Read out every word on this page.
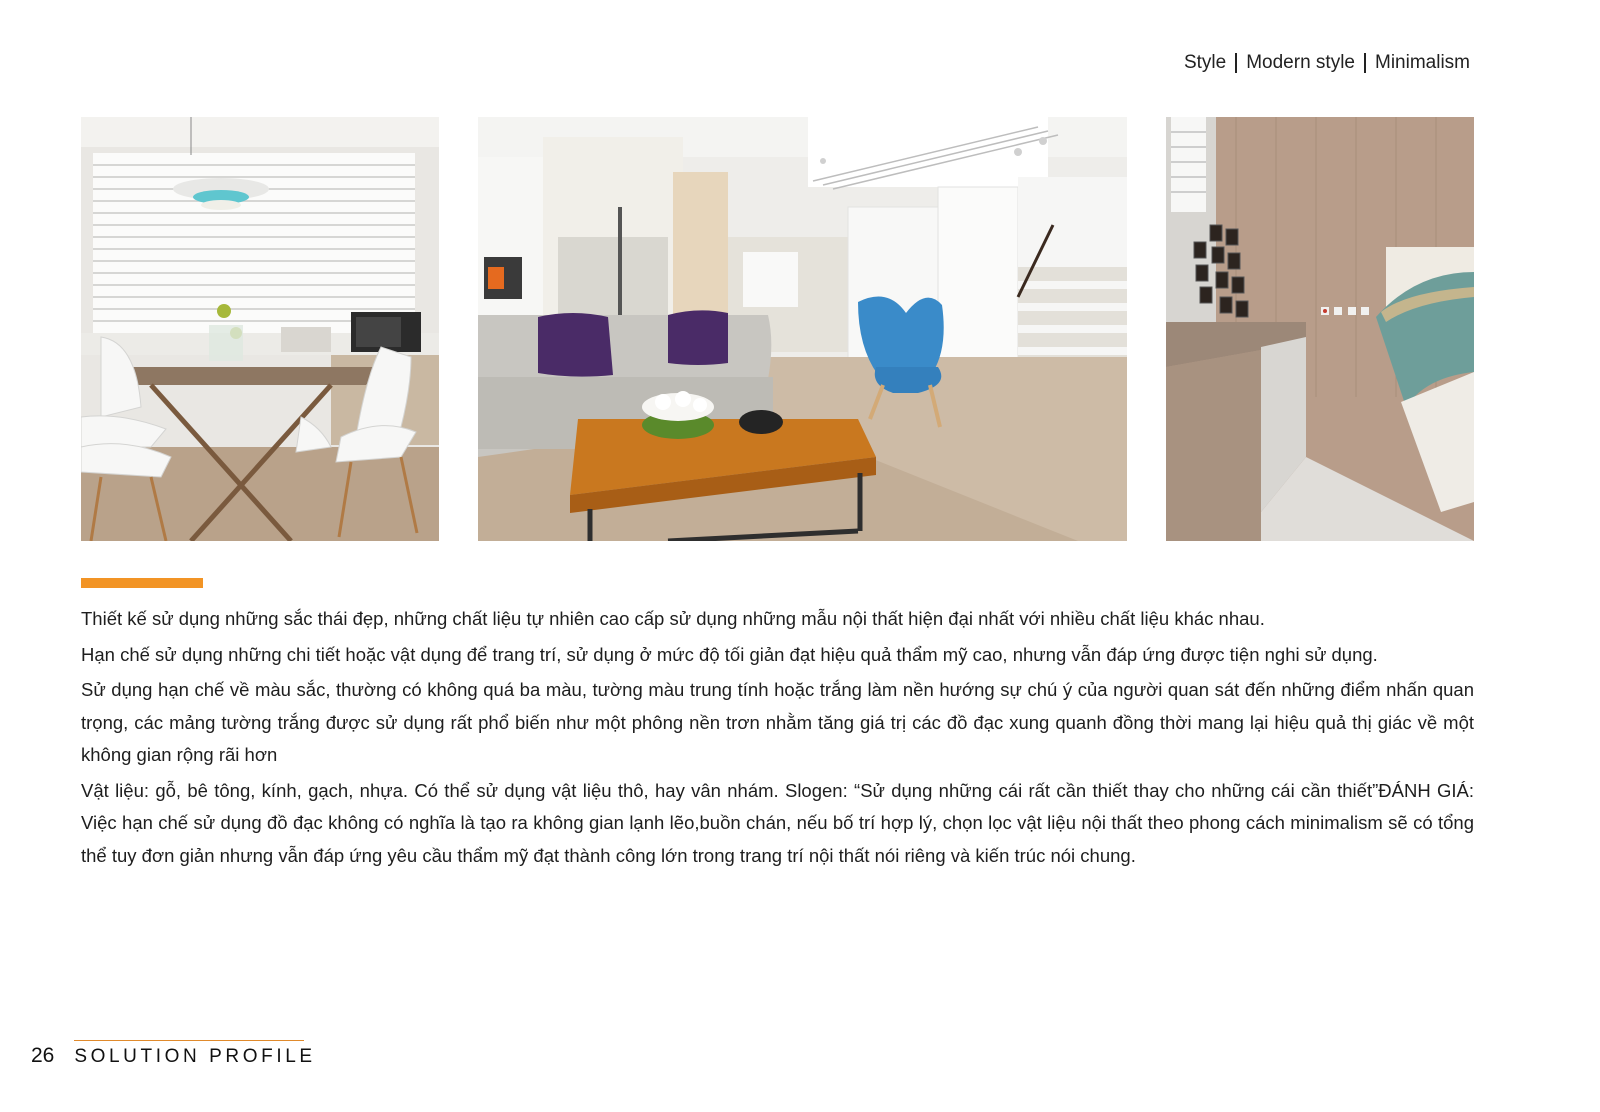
Style Modern style Minimalism

Thiết kế sử dụng những sắc thái đẹp, những chất liệu tự nhiên cao cấp sử dụng những mẫu nội thất hiện đại nhất với nhiều chất liệu khác nhau.

Hạn chế sử dụng những chi tiết hoặc vật dụng để trang trí, sử dụng ở mức độ tối giản đạt hiệu quả thẩm mỹ cao, nhưng vẫn đáp ứng được tiện nghi sử dụng.

Sử dụng hạn chế về màu sắc, thường có không quá ba màu, tường màu trung tính hoặc trắng làm nền hướng sự chú ý của người quan sát đến những điểm nhấn quan trọng, các mảng tường trắng được sử dụng rất phổ biến như một phông nền trơn nhằm tăng giá trị các đồ đạc xung quanh đồng thời mang lại hiệu quả thị giác về một không gian rộng rãi hơn

Vật liệu: gỗ, bê tông, kính, gạch, nhựa. Có thể sử dụng vật liệu thô, hay vân nhám. Slogen: “Sử dụng những cái rất cần thiết thay cho những cái cần thiết”ĐÁNH GIÁ: Việc hạn chế sử dụng đồ đạc không có nghĩa là tạo ra không gian lạnh lẽo,buồn chán, nếu bố trí hợp lý, chọn lọc vật liệu nội thất theo phong cách minimalism sẽ có tổng thể tuy đơn giản nhưng vẫn đáp ứng yêu cầu thẩm mỹ đạt thành công lớn trong trang trí nội thất nói riêng và kiến trúc nói chung.

26 SOLUTION PROFILE
